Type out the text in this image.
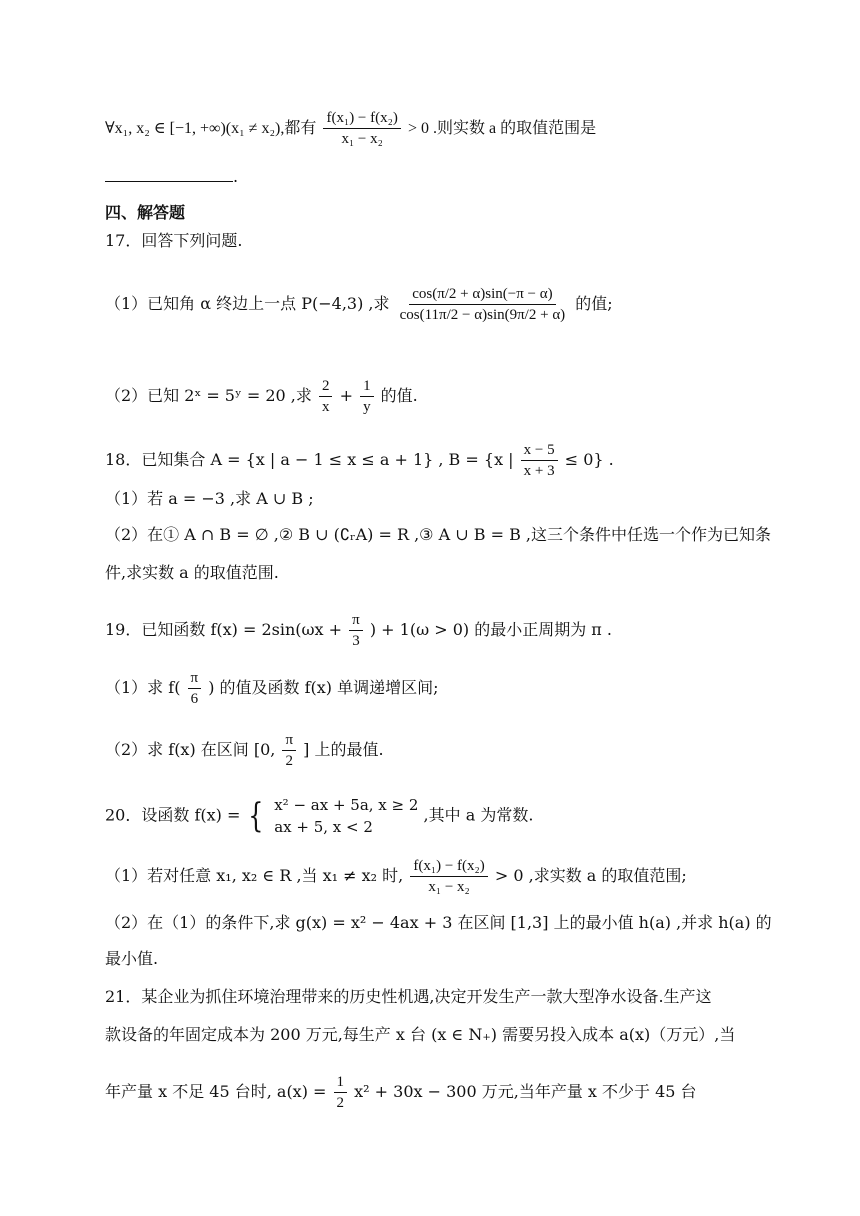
∀x₁, x₂ ∈ [−1, +∞)(x₁ ≠ x₂),都有 $\frac{\text{f(x₁) − f(x₂)}}{\text{x₁ − x₂}} > 0$ .则实数 a 的取值范围是
.
四、解答题
17．回答下列问题.
（1）已知角 α 终边上一点 P(−4,3) ,求 $\frac{\cos(\pi/2 + \alpha)\sin(-\pi - \alpha)}{\cos(11\pi/2 - \alpha)\sin(9\pi/2 + \alpha)}$ 的值;
（2）已知 2ˣ = 5ʸ = 20 ,求 $\frac{2}{x} + \frac{1}{y}$ 的值.
18．已知集合 A = {x | a − 1 ≤ x ≤ a + 1} , B = {x | $\frac{x - 5}{x + 3} \le 0$} .
（1）若 a = −3 ,求 A ∪ B ;
（2）在① A ∩ B = ∅ ,② B ∪ (∁ᵣA) = R ,③ A ∪ B = B ,这三个条件中任选一个作为已知条
件,求实数 a 的取值范围.
19．已知函数 $f(x) = 2\sin(\omega x + \frac{\pi}{3}$ ) + 1(ω > 0) 的最小正周期为 π .
（1）求 $f( \frac{\pi}{6}$ ) 的值及函数 f(x) 单调递增区间;
（2）求 f(x) 在区间 [0, $\frac{\pi}{2}$ ] 上的最值.
20．设函数 f(x) = { x² − ax + 5a, x ≥ 2
ax + 5, x < 2
,其中 a 为常数.
（1）若对任意 x₁, x₂ ∈ R ,当 x₁ ≠ x₂ 时, $\frac{\text{f(x₁) − f(x₂)}}{\text{x₁ − x₂}} > 0$ ,求实数 a 的取值范围;
（2）在（1）的条件下,求 g(x) = x² − 4ax + 3 在区间 [1,3] 上的最小值 h(a) ,并求 h(a) 的
最小值.
21．某企业为抓住环境治理带来的历史性机遇,决定开发生产一款大型净水设备.生产这
款设备的年固定成本为 200 万元,每生产 x 台 (x ∈ N₊) 需要另投入成本 a(x)（万元）,当
年产量 x 不足 45 台时, $a(x) = \frac{1}{2} x^2 + 30x - 300$ 万元,当年产量 x 不少于 45 台
